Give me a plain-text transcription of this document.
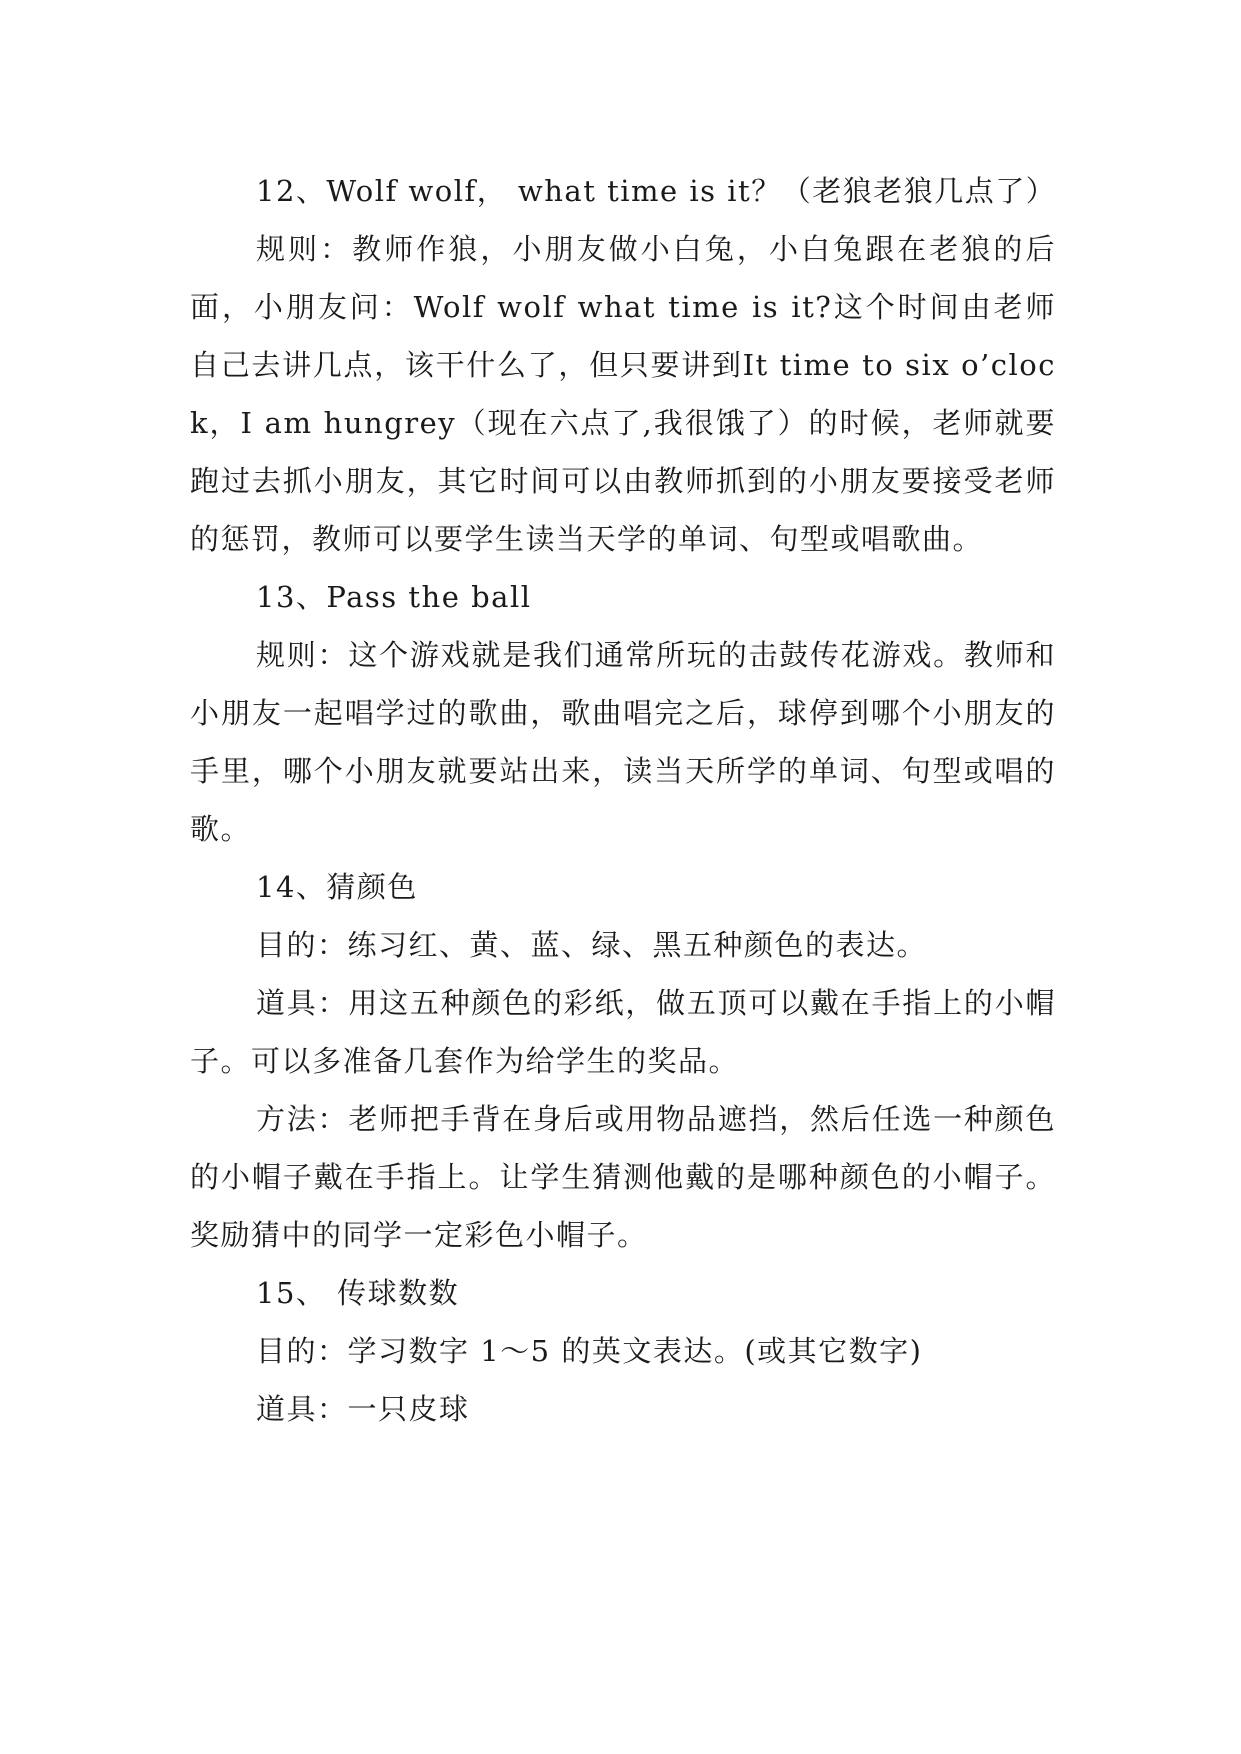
12、Wolf wolf， what time is it？（老狼老狼几点了）

规则：教师作狼，小朋友做小白兔，小白兔跟在老狼的后面，小朋友问：Wolf wolf what time is it?这个时间由老师自己去讲几点，该干什么了，但只要讲到It time to six o’clock，I am hungrey（现在六点了,我很饿了）的时候，老师就要跑过去抓小朋友，其它时间可以由教师抓到的小朋友要接受老师的惩罚，教师可以要学生读当天学的单词、句型或唱歌曲。

13、Pass the ball

规则：这个游戏就是我们通常所玩的击鼓传花游戏。教师和小朋友一起唱学过的歌曲，歌曲唱完之后，球停到哪个小朋友的手里，哪个小朋友就要站出来，读当天所学的单词、句型或唱的歌。

14、猜颜色

目的：练习红、黄、蓝、绿、黑五种颜色的表达。

道具：用这五种颜色的彩纸，做五顶可以戴在手指上的小帽子。可以多准备几套作为给学生的奖品。

方法：老师把手背在身后或用物品遮挡，然后任选一种颜色的小帽子戴在手指上。让学生猜测他戴的是哪种颜色的小帽子。奖励猜中的同学一定彩色小帽子。

15、 传球数数

目的：学习数字 1～5 的英文表达。(或其它数字)

道具：一只皮球
